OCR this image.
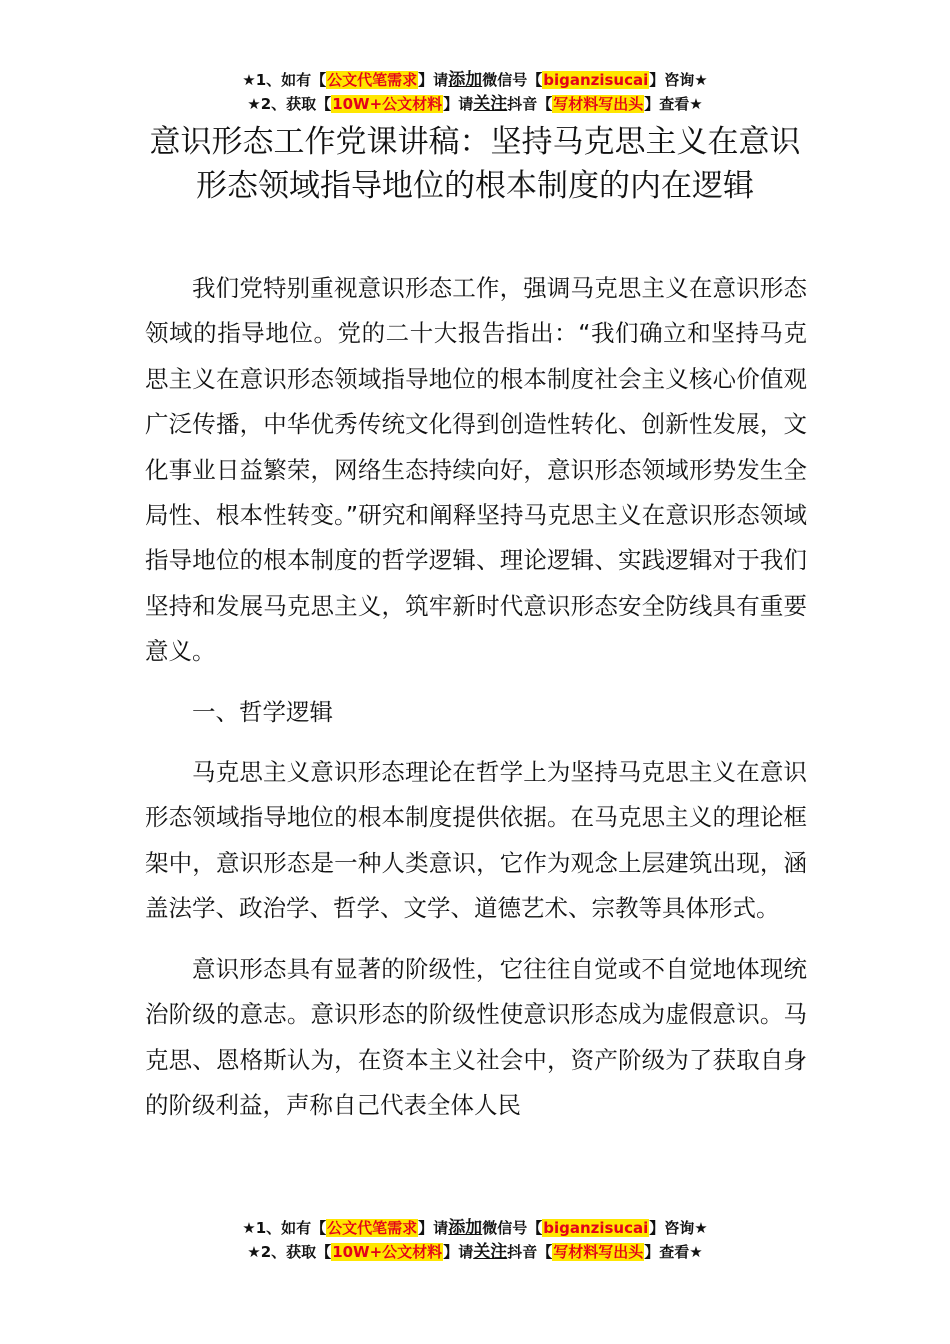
★1、如有【公文代笔需求】请添加微信号【biganzisucai】咨询★
★2、获取【10W+公文材料】请关注抖音【写材料写出头】查看★
意识形态工作党课讲稿：坚持马克思主义在意识形态领域指导地位的根本制度的内在逻辑

我们党特别重视意识形态工作，强调马克思主义在意识形态领域的指导地位。党的二十大报告指出：“我们确立和坚持马克思主义在意识形态领域指导地位的根本制度社会主义核心价值观广泛传播，中华优秀传统文化得到创造性转化、创新性发展，文化事业日益繁荣，网络生态持续向好，意识形态领域形势发生全局性、根本性转变。”研究和阐释坚持马克思主义在意识形态领域指导地位的根本制度的哲学逻辑、理论逻辑、实践逻辑对于我们坚持和发展马克思主义，筑牢新时代意识形态安全防线具有重要意义。

一、哲学逻辑

马克思主义意识形态理论在哲学上为坚持马克思主义在意识形态领域指导地位的根本制度提供依据。在马克思主义的理论框架中，意识形态是一种人类意识，它作为观念上层建筑出现，涵盖法学、政治学、哲学、文学、道德艺术、宗教等具体形式。

意识形态具有显著的阶级性，它往往自觉或不自觉地体现统治阶级的意志。意识形态的阶级性使意识形态成为虚假意识。马克思、恩格斯认为，在资本主义社会中，资产阶级为了获取自身的阶级利益，声称自己代表全体人民

★1、如有【公文代笔需求】请添加微信号【biganzisucai】咨询★
★2、获取【10W+公文材料】请关注抖音【写材料写出头】查看★
